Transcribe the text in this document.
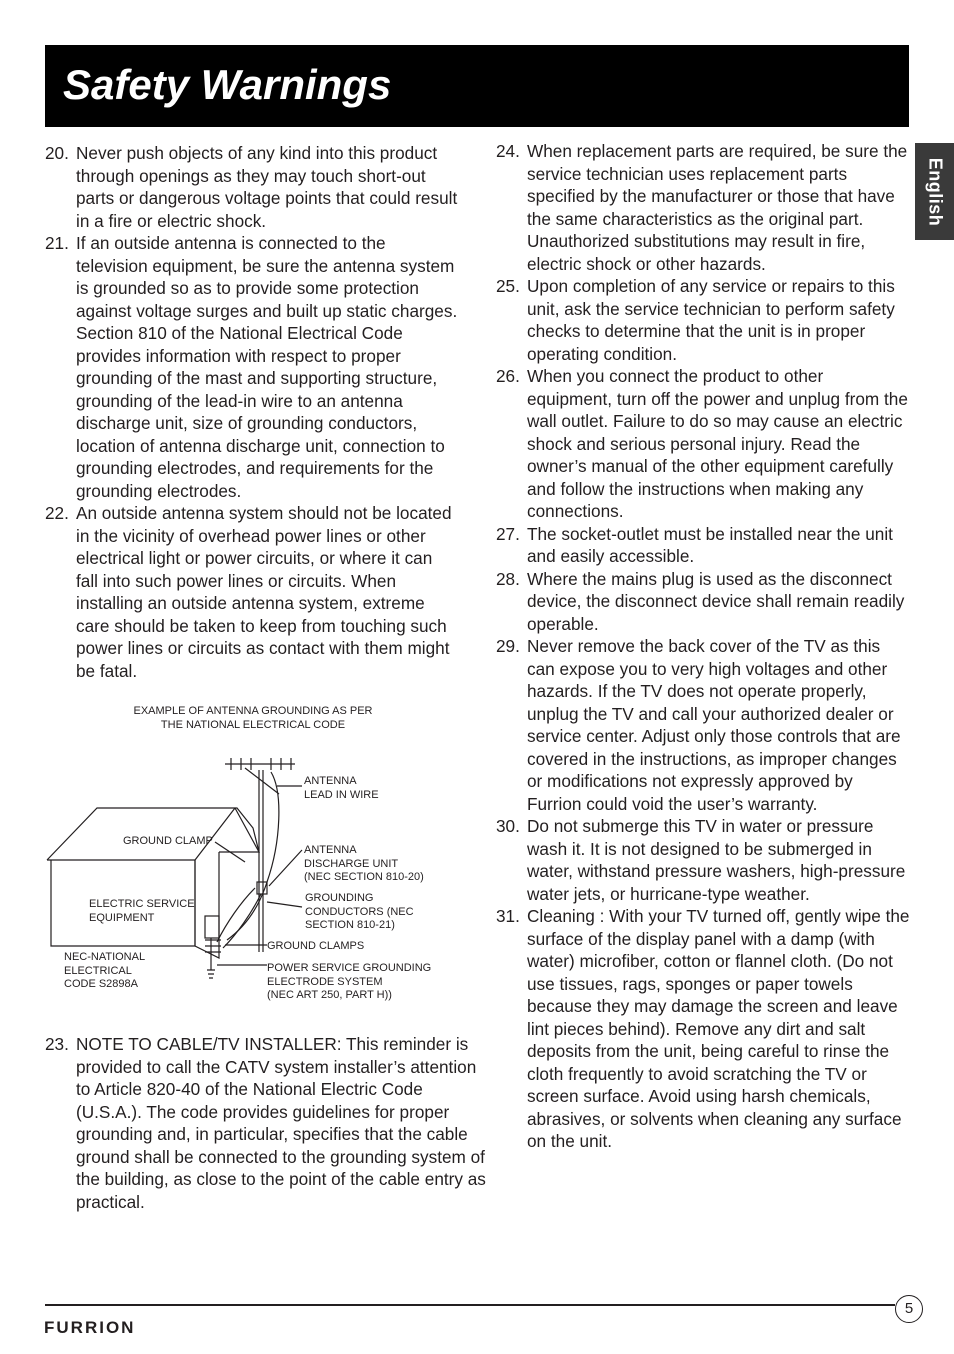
Safety Warnings
English
20. Never push objects of any kind into this product through openings as they may touch short-out parts or dangerous voltage points that could result in a fire or electric shock.
21. If an outside antenna is connected to the television equipment, be sure the antenna system is grounded so as to provide some protection against voltage surges and built up static charges. Section 810 of the National Electrical Code provides information with respect to proper grounding of the mast and supporting structure, grounding of the lead-in wire to an antenna discharge unit, size of grounding conductors, location of antenna discharge unit, connection to grounding electrodes, and requirements for the grounding electrodes.
22. An outside antenna system should not be located in the vicinity of overhead power lines or other electrical light or power circuits, or where it can fall into such power lines or circuits. When installing an outside antenna system, extreme care should be taken to keep from touching such power lines or circuits as contact with them might be fatal.
EXAMPLE OF ANTENNA GROUNDING AS PER
THE NATIONAL ELECTRICAL CODE
ANTENNA
LEAD IN WIRE
GROUND CLAMP
ANTENNA
DISCHARGE UNIT
(NEC SECTION 810-20)
ELECTRIC SERVICE
EQUIPMENT
GROUNDING
CONDUCTORS (NEC
SECTION 810-21)
GROUND CLAMPS
NEC-NATIONAL
ELECTRICAL
CODE S2898A
POWER SERVICE GROUNDING
ELECTRODE SYSTEM
(NEC ART 250, PART H))
23. NOTE TO CABLE/TV INSTALLER: This reminder is provided to call the CATV system installer’s attention to Article 820-40 of the National Electric Code (U.S.A.). The code provides guidelines for proper grounding and, in particular, specifies that the cable ground shall be connected to the grounding system of the building, as close to the point of the cable entry as practical.
24. When replacement parts are required, be sure the service technician uses replacement parts specified by the manufacturer or those that have the same characteristics as the original part. Unauthorized substitutions may result in fire, electric shock or other hazards.
25. Upon completion of any service or repairs to this unit, ask the service technician to perform safety checks to determine that the unit is in proper operating condition.
26. When you connect the product to other equipment, turn off the power and unplug from the wall outlet. Failure to do so may cause an electric shock and serious personal injury. Read the owner’s manual of the other equipment carefully and follow the instructions when making any connections.
27. The socket-outlet must be installed near the unit and easily accessible.
28. Where the mains plug is used as the disconnect device, the disconnect device shall remain readily operable.
29. Never remove the back cover of the TV as this can expose you to very high voltages and other hazards. If the TV does not operate properly, unplug the TV and call your authorized dealer or service center. Adjust only those controls that are covered in the instructions, as improper changes or modifications not expressly approved by Furrion could void the user’s warranty.
30. Do not submerge this TV in water or pressure wash it. It is not designed to be submerged in water, withstand pressure washers, high-pressure water jets, or hurricane-type weather.
31. Cleaning : With your TV turned off, gently wipe the surface of the display panel with a damp (with water) microfiber, cotton or flannel cloth. (Do not use tissues, rags, sponges or paper towels because they may damage the screen and leave lint pieces behind). Remove any dirt and salt deposits from the unit, being careful to rinse the cloth frequently to avoid scratching the TV or screen surface. Avoid using harsh chemicals, abrasives, or solvents when cleaning any surface on the unit.
5
FURRION
